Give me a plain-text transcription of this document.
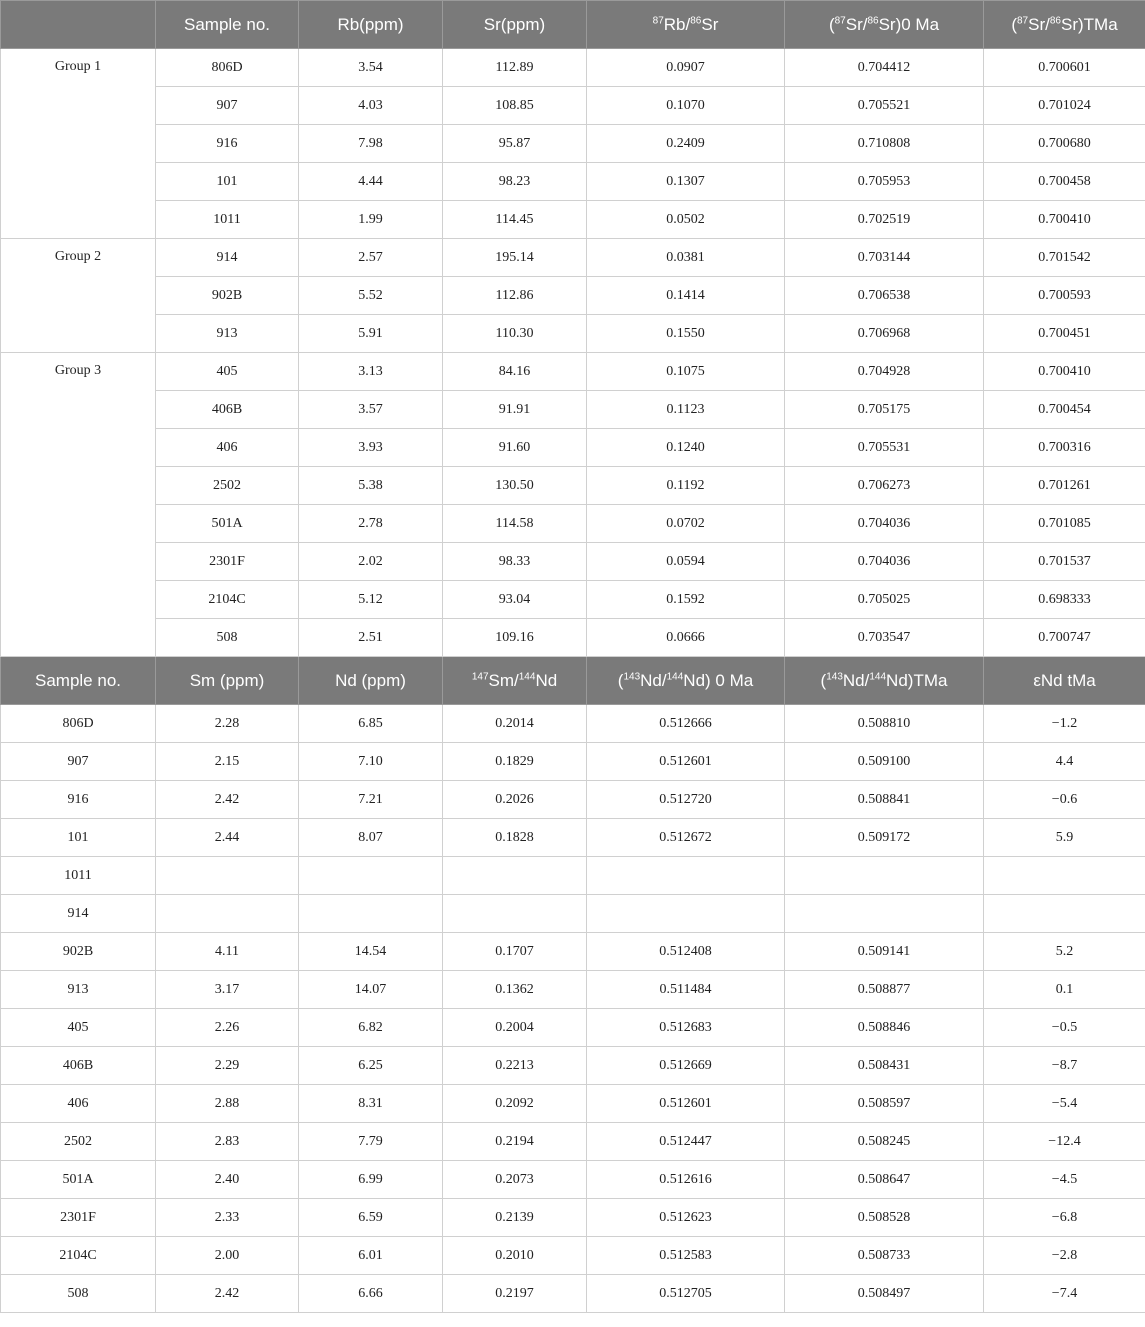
	Sample no.	Rb(ppm)	Sr(ppm)	$^{87}$Rb/$^{86}$Sr	($^{87}$Sr/$^{86}$Sr)0 Ma	($^{87}$Sr/$^{86}$Sr)TMa
Group 1	806D	3.54	112.89	0.0907	0.704412	0.700601
	907	4.03	108.85	0.1070	0.705521	0.701024
	916	7.98	95.87	0.2409	0.710808	0.700680
	101	4.44	98.23	0.1307	0.705953	0.700458
	1011	1.99	114.45	0.0502	0.702519	0.700410
Group 2	914	2.57	195.14	0.0381	0.703144	0.701542
	902B	5.52	112.86	0.1414	0.706538	0.700593
	913	5.91	110.30	0.1550	0.706968	0.700451
Group 3	405	3.13	84.16	0.1075	0.704928	0.700410
	406B	3.57	91.91	0.1123	0.705175	0.700454
	406	3.93	91.60	0.1240	0.705531	0.700316
	2502	5.38	130.50	0.1192	0.706273	0.701261
	501A	2.78	114.58	0.0702	0.704036	0.701085
	2301F	2.02	98.33	0.0594	0.704036	0.701537
	2104C	5.12	93.04	0.1592	0.705025	0.698333
	508	2.51	109.16	0.0666	0.703547	0.700747
Sample no.	Sm (ppm)	Nd (ppm)	$^{147}$Sm/$^{144}$Nd	($^{143}$Nd/$^{144}$Nd) 0 Ma	($^{143}$Nd/$^{144}$Nd)TMa	εNd tMa
806D	2.28	6.85	0.2014	0.512666	0.508810	−1.2
907	2.15	7.10	0.1829	0.512601	0.509100	4.4
916	2.42	7.21	0.2026	0.512720	0.508841	−0.6
101	2.44	8.07	0.1828	0.512672	0.509172	5.9
1011						
914						
902B	4.11	14.54	0.1707	0.512408	0.509141	5.2
913	3.17	14.07	0.1362	0.511484	0.508877	0.1
405	2.26	6.82	0.2004	0.512683	0.508846	−0.5
406B	2.29	6.25	0.2213	0.512669	0.508431	−8.7
406	2.88	8.31	0.2092	0.512601	0.508597	−5.4
2502	2.83	7.79	0.2194	0.512447	0.508245	−12.4
501A	2.40	6.99	0.2073	0.512616	0.508647	−4.5
2301F	2.33	6.59	0.2139	0.512623	0.508528	−6.8
2104C	2.00	6.01	0.2010	0.512583	0.508733	−2.8
508	2.42	6.66	0.2197	0.512705	0.508497	−7.4
